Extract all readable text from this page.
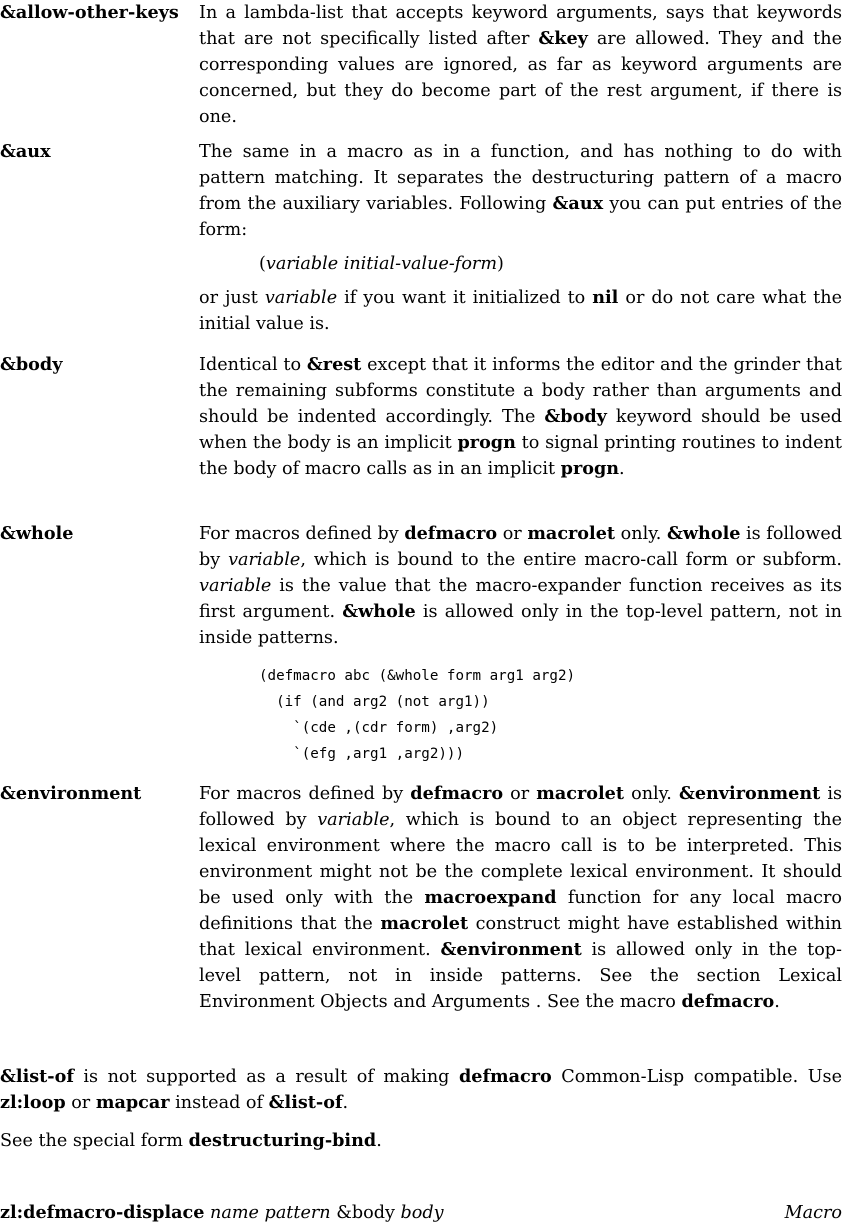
&allow-other-keys In a lambda-list that accepts keyword arguments, says that keywords that are not specifically listed after &key are allowed. They and the corresponding values are ignored, as far as keyword arguments are concerned, but they do become part of the rest argument, if there is one.

&aux	The same in a macro as in a function, and has nothing to do with pattern matching. It separates the destructuring pattern of a macro from the auxiliary variables. Following &aux you can put entries of the form:

(variable initial-value-form)

or just variable if you want it initialized to nil or do not care what the initial value is.

&body	Identical to &rest except that it informs the editor and the grinder that the remaining subforms constitute a body rather than arguments and should be indented accordingly. The &body keyword should be used when the body is an implicit progn to signal printing routines to indent the body of macro calls as in an implicit progn.

&whole	For macros defined by defmacro or macrolet only. &whole is followed by variable, which is bound to the entire macro-call form or subform. variable is the value that the macro-expander function receives as its first argument. &whole is allowed only in the top-level pattern, not in inside patterns.

(defmacro abc (&whole form arg1 arg2)
(if (and arg2 (not arg1))
`(cde ,(cdr form) ,arg2)
`(efg ,arg1 ,arg2)))
&environment	For macros defined by defmacro or macrolet only. &environment is followed by variable, which is bound to an object representing the lexical environment where the macro call is to be interpreted. This environment might not be the complete lexical environment. It should be used only with the macroexpand function for any local macro definitions that the macrolet construct might have established within that lexical environment. &environment is allowed only in the top-level pattern, not in inside patterns. See the section Lexical Environment Objects and Arguments . See the macro defmacro.

&list-of is not supported as a result of making defmacro Common-Lisp compatible. Use zl:loop or mapcar instead of &list-of.

See the special form destructuring-bind.

zl:defmacro-displace name pattern &body body	Macro
